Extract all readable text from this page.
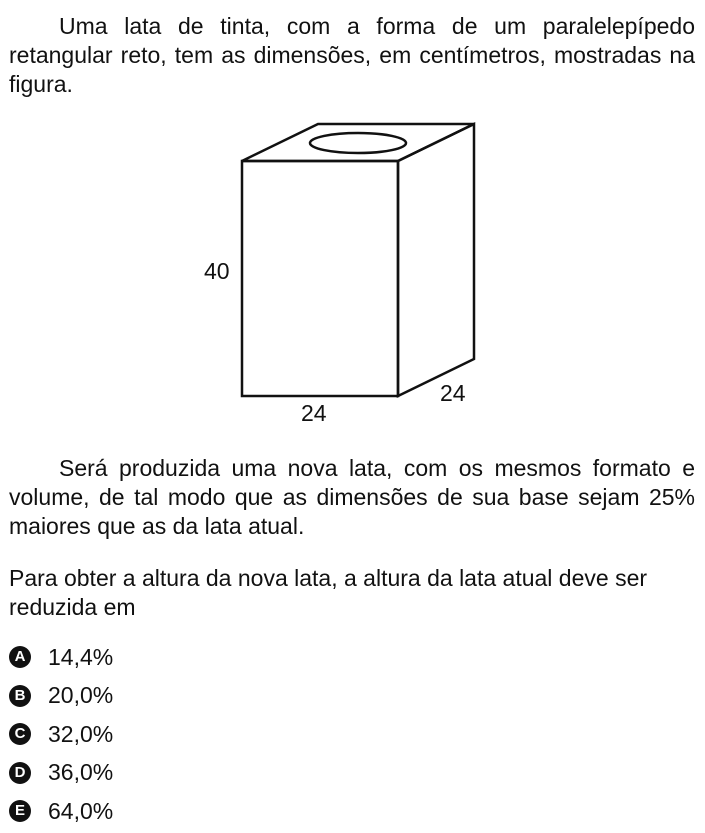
Uma lata de tinta, com a forma de um paralelepípedo retangular reto, tem as dimensões, em centímetros, mostradas na figura.

40
24
24

Será produzida uma nova lata, com os mesmos formato e volume, de tal modo que as dimensões de sua base sejam 25% maiores que as da lata atual.

Para obter a altura da nova lata, a altura da lata atual deve ser reduzida em

A 14,4%
B 20,0%
C 32,0%
D 36,0%
E 64,0%
